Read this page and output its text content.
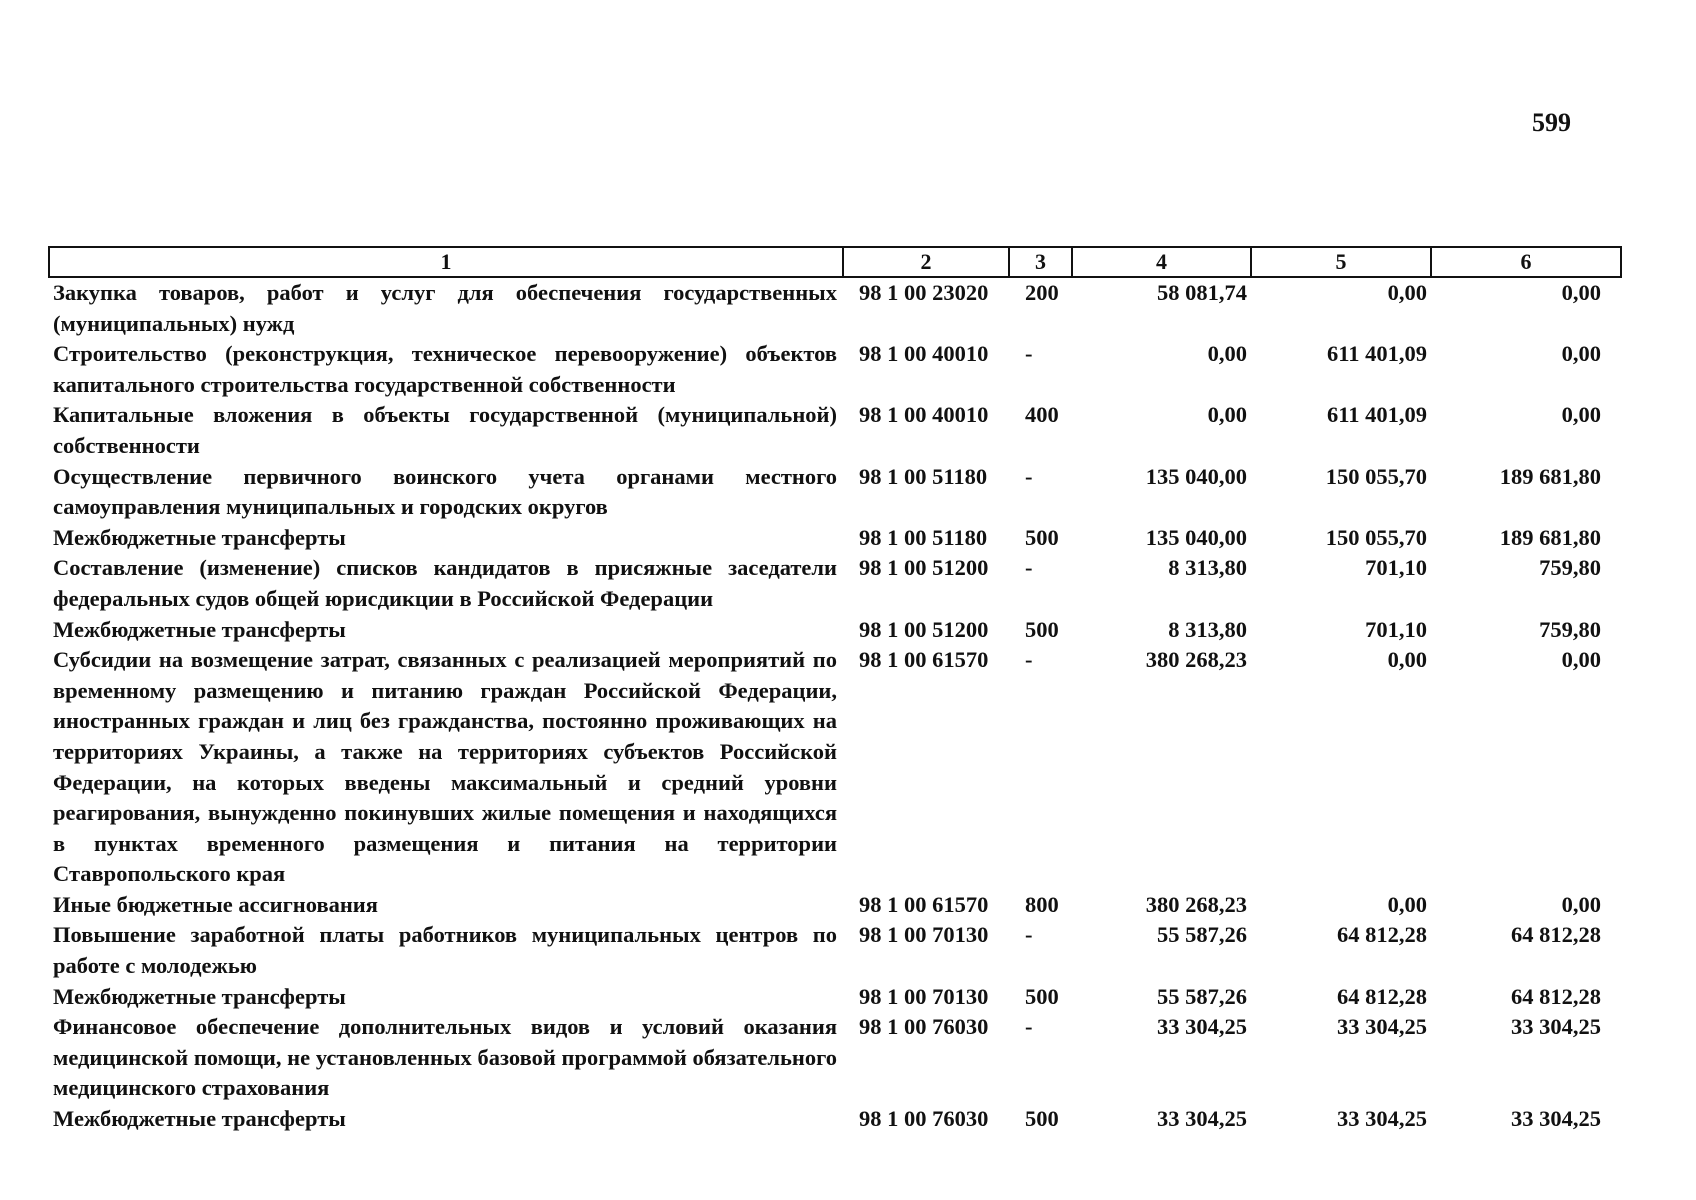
599
1	2	3	4	5	6
Закупка товаров, работ и услуг для обеспечения государственных (муниципальных) нужд	98 1 00 23020	200	58 081,74	0,00	0,00
Строительство (реконструкция, техническое перевооружение) объектов капитального строительства государственной собственности	98 1 00 40010	-	0,00	611 401,09	0,00
Капитальные вложения в объекты государственной (муниципальной) собственности	98 1 00 40010	400	0,00	611 401,09	0,00
Осуществление первичного воинского учета органами местного самоуправления муниципальных и городских округов	98 1 00 51180	-	135 040,00	150 055,70	189 681,80
Межбюджетные трансферты	98 1 00 51180	500	135 040,00	150 055,70	189 681,80
Составление (изменение) списков кандидатов в присяжные заседатели федеральных судов общей юрисдикции в Российской Федерации	98 1 00 51200	-	8 313,80	701,10	759,80
Межбюджетные трансферты	98 1 00 51200	500	8 313,80	701,10	759,80
Субсидии на возмещение затрат, связанных с реализацией мероприятий по временному размещению и питанию граждан Российской Федерации, иностранных граждан и лиц без гражданства, постоянно проживающих на территориях Украины, а также на территориях субъектов Российской Федерации, на которых введены максимальный и средний уровни реагирования, вынужденно покинувших жилые помещения и находящихся в пунктах временного размещения и питания на территории Ставропольского края	98 1 00 61570	-	380 268,23	0,00	0,00
Иные бюджетные ассигнования	98 1 00 61570	800	380 268,23	0,00	0,00
Повышение заработной платы работников муниципальных центров по работе с молодежью	98 1 00 70130	-	55 587,26	64 812,28	64 812,28
Межбюджетные трансферты	98 1 00 70130	500	55 587,26	64 812,28	64 812,28
Финансовое обеспечение дополнительных видов и условий оказания медицинской помощи, не установленных базовой программой обязательного медицинского страхования	98 1 00 76030	-	33 304,25	33 304,25	33 304,25
Межбюджетные трансферты	98 1 00 76030	500	33 304,25	33 304,25	33 304,25
